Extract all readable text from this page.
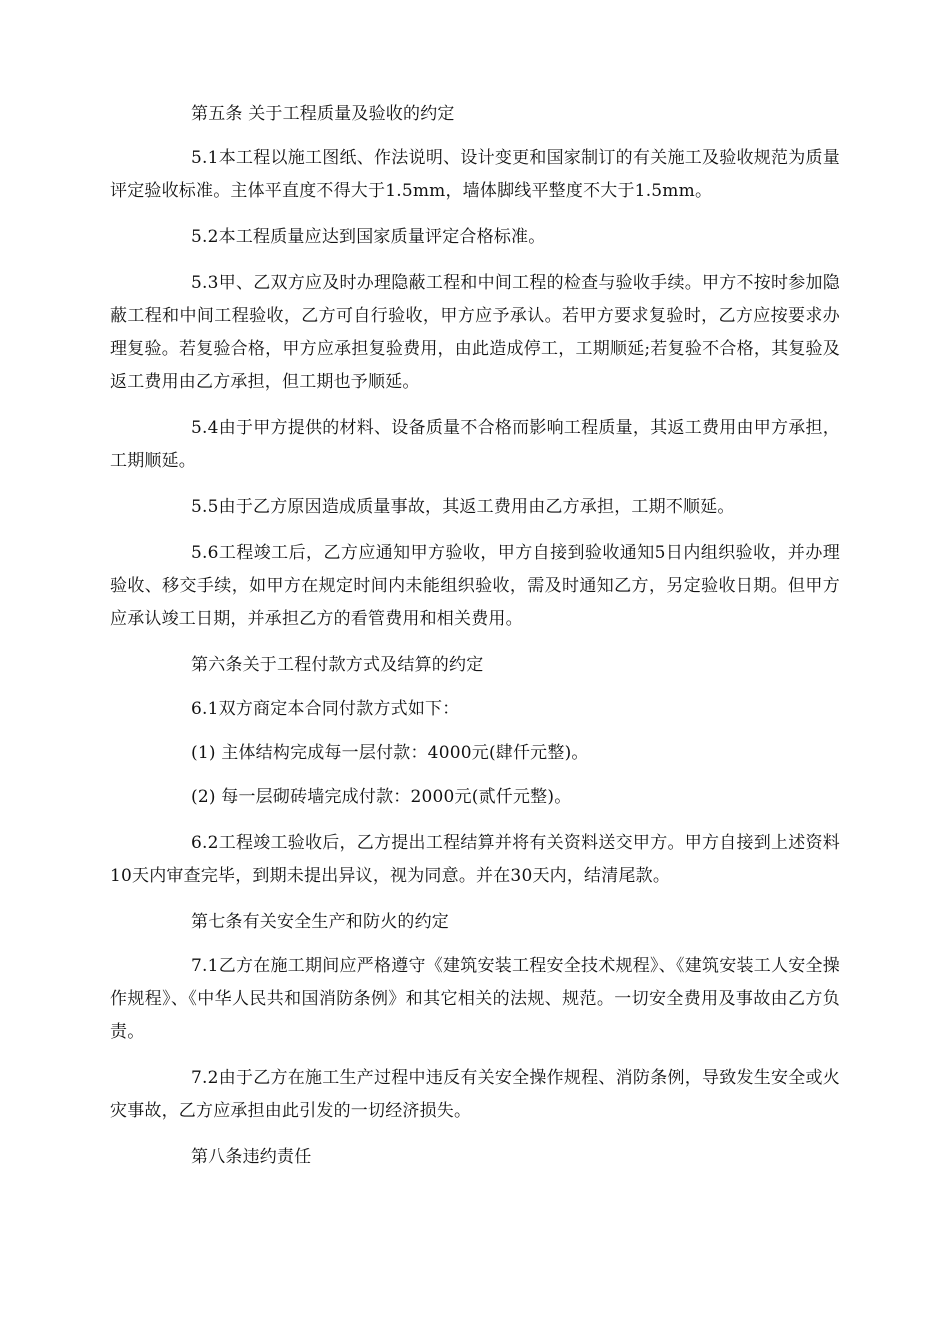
第五条 关于工程质量及验收的约定

5.1本工程以施工图纸、作法说明、设计变更和国家制订的有关施工及验收规范为质量评定验收标准。主体平直度不得大于1.5mm，墙体脚线平整度不大于1.5mm。

5.2本工程质量应达到国家质量评定合格标准。

5.3甲、乙双方应及时办理隐蔽工程和中间工程的检查与验收手续。甲方不按时参加隐蔽工程和中间工程验收，乙方可自行验收，甲方应予承认。若甲方要求复验时，乙方应按要求办理复验。若复验合格，甲方应承担复验费用，由此造成停工，工期顺延;若复验不合格，其复验及返工费用由乙方承担，但工期也予顺延。

5.4由于甲方提供的材料、设备质量不合格而影响工程质量，其返工费用由甲方承担，工期顺延。

5.5由于乙方原因造成质量事故，其返工费用由乙方承担，工期不顺延。

5.6工程竣工后，乙方应通知甲方验收，甲方自接到验收通知5日内组织验收，并办理验收、移交手续，如甲方在规定时间内未能组织验收，需及时通知乙方，另定验收日期。但甲方应承认竣工日期，并承担乙方的看管费用和相关费用。

第六条关于工程付款方式及结算的约定

6.1双方商定本合同付款方式如下：

(1) 主体结构完成每一层付款：4000元(肆仟元整)。

(2) 每一层砌砖墙完成付款：2000元(贰仟元整)。

6.2工程竣工验收后，乙方提出工程结算并将有关资料送交甲方。甲方自接到上述资料10天内审查完毕，到期未提出异议，视为同意。并在30天内，结清尾款。

第七条有关安全生产和防火的约定

7.1乙方在施工期间应严格遵守《建筑安装工程安全技术规程》、《建筑安装工人安全操作规程》、《中华人民共和国消防条例》和其它相关的法规、规范。一切安全费用及事故由乙方负责。

7.2由于乙方在施工生产过程中违反有关安全操作规程、消防条例，导致发生安全或火灾事故，乙方应承担由此引发的一切经济损失。

第八条违约责任
